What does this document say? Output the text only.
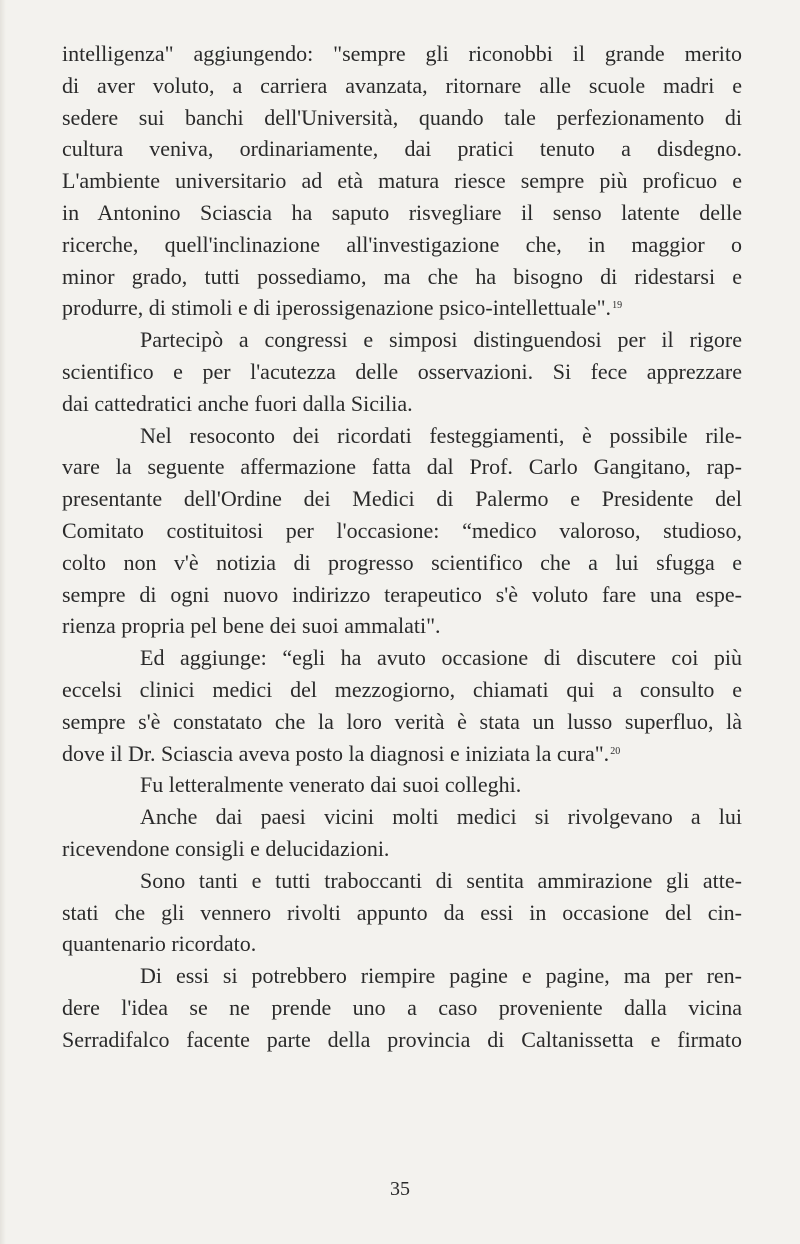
intelligenza" aggiungendo: "sempre gli riconobbi il grande merito
di aver voluto, a carriera avanzata, ritornare alle scuole madri e
sedere sui banchi dell'Università, quando tale perfezionamento di
cultura veniva, ordinariamente, dai pratici tenuto a disdegno.
L'ambiente universitario ad età matura riesce sempre più proficuo e
in Antonino Sciascia ha saputo risvegliare il senso latente delle
ricerche, quell'inclinazione all'investigazione che, in maggior o
minor grado, tutti possediamo, ma che ha bisogno di ridestarsi e
produrre, di stimoli e di iperossigenazione psico-intellettuale".$^{19}$
Partecipò a congressi e simposi distinguendosi per il rigore
scientifico e per l'acutezza delle osservazioni. Si fece apprezzare
dai cattedratici anche fuori dalla Sicilia.
Nel resoconto dei ricordati festeggiamenti, è possibile rile-
vare la seguente affermazione fatta dal Prof. Carlo Gangitano, rap-
presentante dell'Ordine dei Medici di Palermo e Presidente del
Comitato costituitosi per l'occasione: “medico valoroso, studioso,
colto non v'è notizia di progresso scientifico che a lui sfugga e
sempre di ogni nuovo indirizzo terapeutico s'è voluto fare una espe-
rienza propria pel bene dei suoi ammalati".
Ed aggiunge: “egli ha avuto occasione di discutere coi più
eccelsi clinici medici del mezzogiorno, chiamati qui a consulto e
sempre s'è constatato che la loro verità è stata un lusso superfluo, là
dove il Dr. Sciascia aveva posto la diagnosi e iniziata la cura".$^{20}$
Fu letteralmente venerato dai suoi colleghi.
Anche dai paesi vicini molti medici si rivolgevano a lui
ricevendone consigli e delucidazioni.
Sono tanti e tutti traboccanti di sentita ammirazione gli atte-
stati che gli vennero rivolti appunto da essi in occasione del cin-
quantenario ricordato.
Di essi si potrebbero riempire pagine e pagine, ma per ren-
dere l'idea se ne prende uno a caso proveniente dalla vicina
Serradifalco facente parte della provincia di Caltanissetta e firmato
35
